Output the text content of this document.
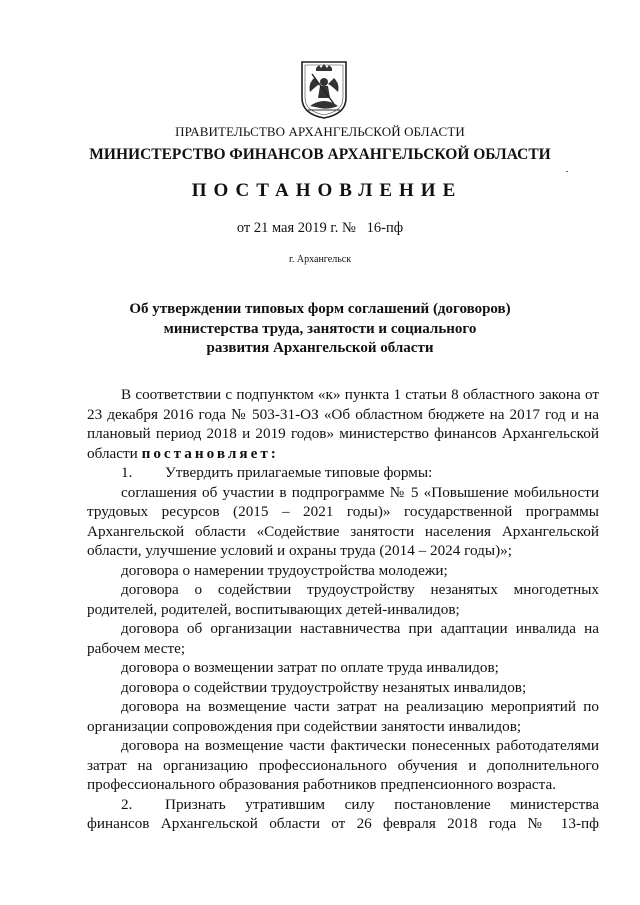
ПРАВИТЕЛЬСТВО АРХАНГЕЛЬСКОЙ ОБЛАСТИ
МИНИСТЕРСТВО ФИНАНСОВ АРХАНГЕЛЬСКОЙ ОБЛАСТИ
ПОСТАНОВЛЕНИЕ
от 21 мая 2019 г. №   16-пф
г. Архангельск
Об утверждении типовых форм соглашений (договоров)
министерства труда, занятости и социального
развития Архангельской области

В соответствии с подпунктом «к» пункта 1 статьи 8 областного закона от 23 декабря 2016 года № 503-31-ОЗ «Об областном бюджете на 2017 год и на плановый период 2018 и 2019 годов» министерство финансов Архангельской области постановляет:

1. Утвердить прилагаемые типовые формы:

соглашения об участии в подпрограмме № 5 «Повышение мобильности трудовых ресурсов (2015 – 2021 годы)» государственной программы Архангельской области «Содействие занятости населения Архангельской области, улучшение условий и охраны труда (2014 – 2024 годы)»;

договора о намерении трудоустройства молодежи;

договора о содействии трудоустройству незанятых многодетных родителей, родителей, воспитывающих детей-инвалидов;

договора об организации наставничества при адаптации инвалида на рабочем месте;

договора о возмещении затрат по оплате труда инвалидов;

договора о содействии трудоустройству незанятых инвалидов;

договора на возмещение части затрат на реализацию мероприятий по организации сопровождения при содействии занятости инвалидов;

договора на возмещение части фактически понесенных работодателями затрат на организацию профессионального обучения и дополнительного профессионального образования работников предпенсионного возраста.

2. Признать утратившим силу постановление министерства финансов Архангельской области от 26 февраля 2018 года № 13-пф
